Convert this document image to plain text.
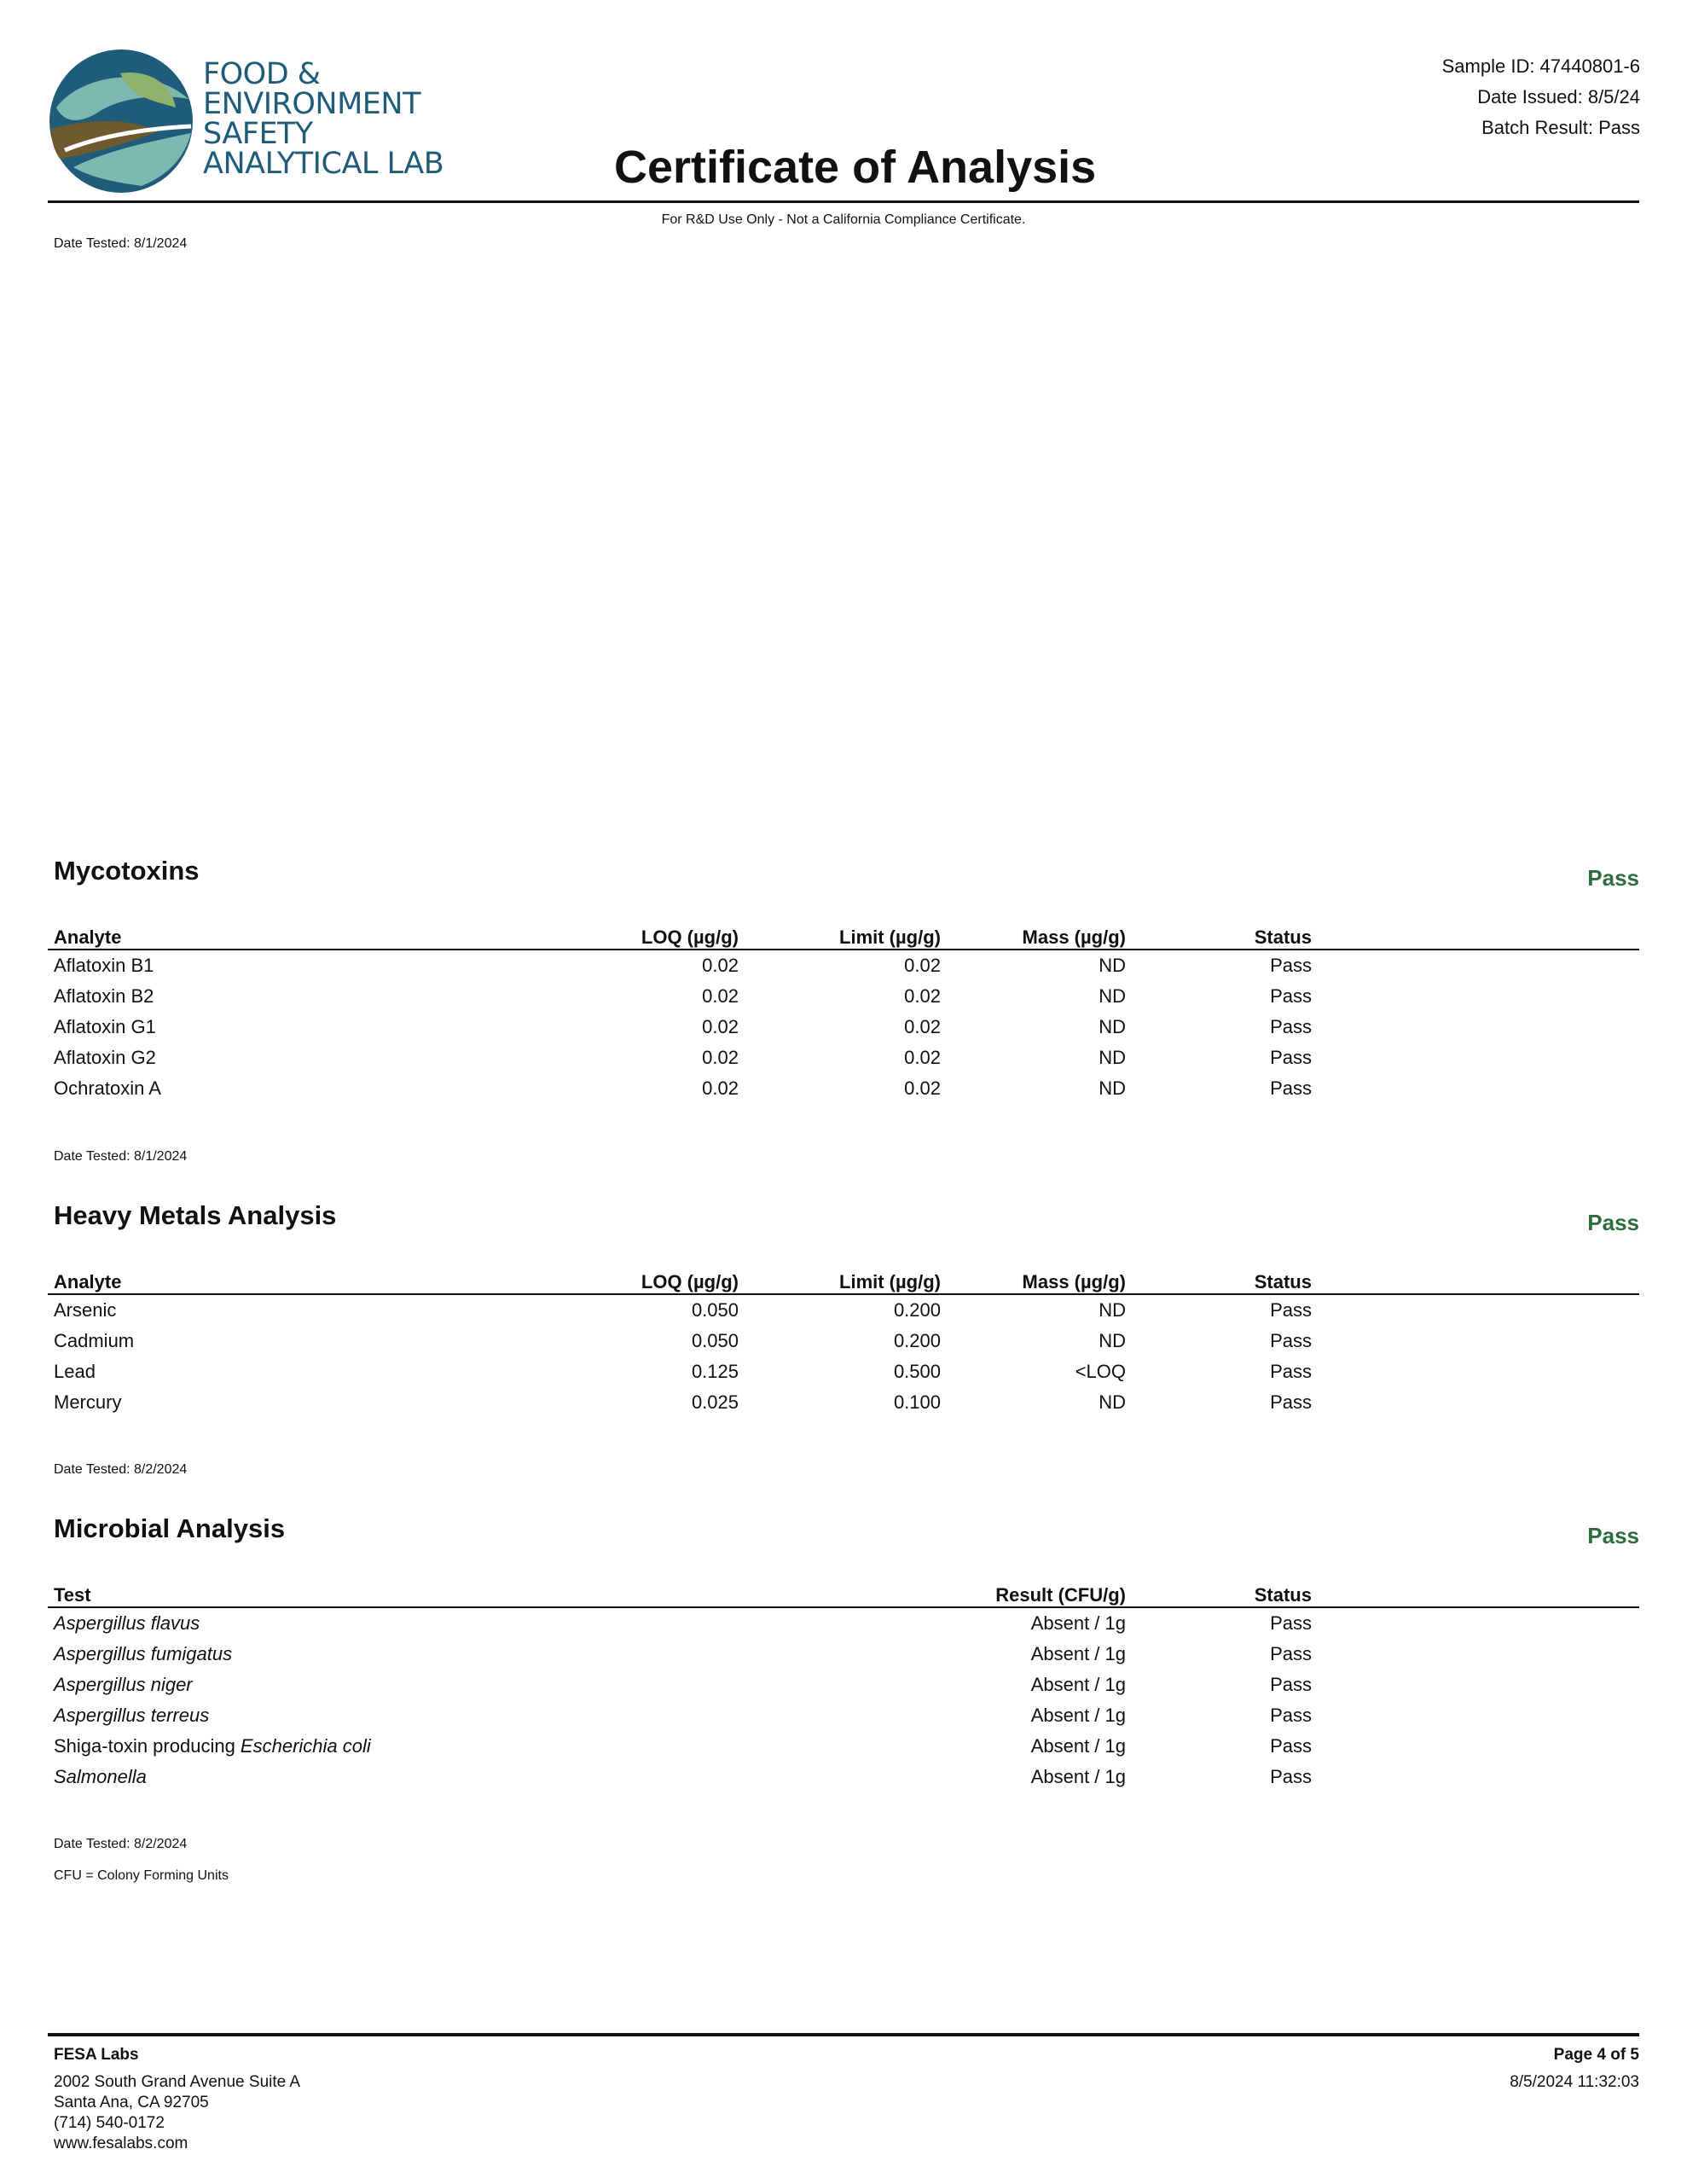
FOOD &
ENVIRONMENT
SAFETY
ANALYTICAL LAB
Sample ID: 47440801-6
Date Issued: 8/5/24
Batch Result: Pass
Certificate of Analysis
For R&D Use Only - Not a California Compliance Certificate.
Date Tested: 8/1/2024
Mycotoxins	Pass
Analyte	LOQ (µg/g)	Limit (µg/g)	Mass (µg/g)	Status	
Aflatoxin B1	0.02	0.02	ND	Pass	
Aflatoxin B2	0.02	0.02	ND	Pass	
Aflatoxin G1	0.02	0.02	ND	Pass	
Aflatoxin G2	0.02	0.02	ND	Pass	
Ochratoxin A	0.02	0.02	ND	Pass	
Date Tested: 8/1/2024
Heavy Metals Analysis	Pass
Analyte	LOQ (µg/g)	Limit (µg/g)	Mass (µg/g)	Status	
Arsenic	0.050	0.200	ND	Pass	
Cadmium	0.050	0.200	ND	Pass	
Lead	0.125	0.500	<LOQ	Pass	
Mercury	0.025	0.100	ND	Pass	
Date Tested: 8/2/2024
Microbial Analysis	Pass
Test	Result (CFU/g)	Status	
Aspergillus flavus	Absent / 1g	Pass	
Aspergillus fumigatus	Absent / 1g	Pass	
Aspergillus niger	Absent / 1g	Pass	
Aspergillus terreus	Absent / 1g	Pass	
Shiga-toxin producing Escherichia coli	Absent / 1g	Pass	
Salmonella	Absent / 1g	Pass	
Date Tested: 8/2/2024
CFU = Colony Forming Units
FESA Labs
2002 South Grand Avenue Suite A
Santa Ana, CA 92705
(714) 540-0172
www.fesalabs.com
Page 4 of 5
8/5/2024 11:32:03
